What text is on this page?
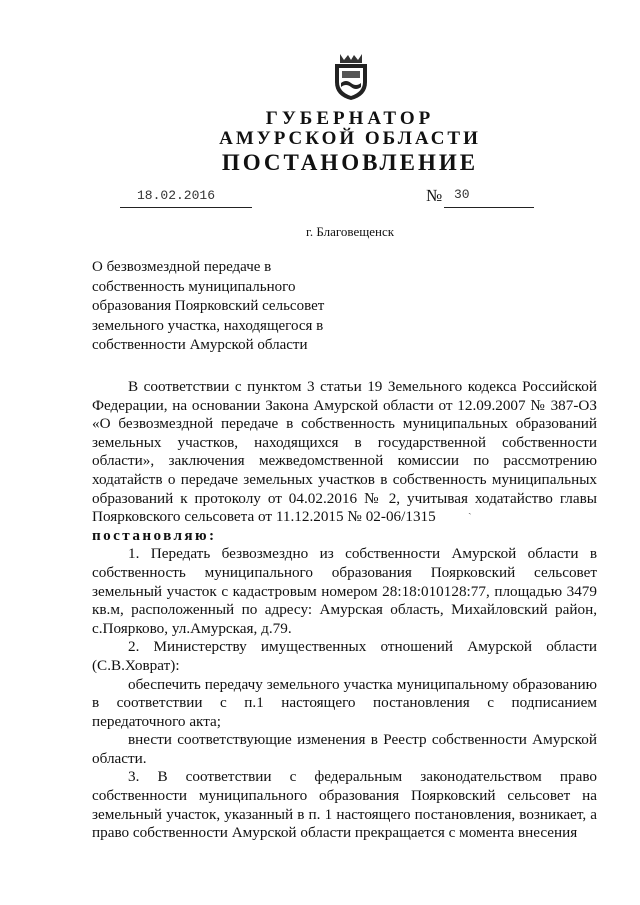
ГУБЕРНАТОР
АМУРСКОЙ ОБЛАСТИ
ПОСТАНОВЛЕНИЕ
18.02.2016	№ 30
г. Благовещенск
О безвозмездной передаче в
собственность муниципального
образования Поярковский сельсовет
земельного участка, находящегося в
собственности Амурской области

В соответствии с пунктом 3 статьи 19 Земельного кодекса Российской Федерации, на основании Закона Амурской области от 12.09.2007 № 387-ОЗ «О безвозмездной передаче в собственность муниципальных образований земельных участков, находящихся в государственной собственности области», заключения межведомственной комиссии по рассмотрению ходатайств о передаче земельных участков в собственность муниципальных образований к протоколу от 04.02.2016 № 2, учитывая ходатайство главы Поярковского сельсовета от 11.12.2015 № 02-06/1315

постановляю:

1. Передать безвозмездно из собственности Амурской области в собственность муниципального образования Поярковский сельсовет земельный участок с кадастровым номером 28:18:010128:77, площадью 3479 кв.м, расположенный по адресу: Амурская область, Михайловский район, с.Поярково, ул.Амурская, д.79.

2. Министерству имущественных отношений Амурской области (С.В.Ховрат):

обеспечить передачу земельного участка муниципальному образованию в соответствии с п.1 настоящего постановления с подписанием передаточного акта;

внести соответствующие изменения в Реестр собственности Амурской области.

3. В соответствии с федеральным законодательством право собственности муниципального образования Поярковский сельсовет на земельный участок, указанный в п. 1 настоящего постановления, возникает, а право собственности Амурской области прекращается с момента внесения

ˎ
